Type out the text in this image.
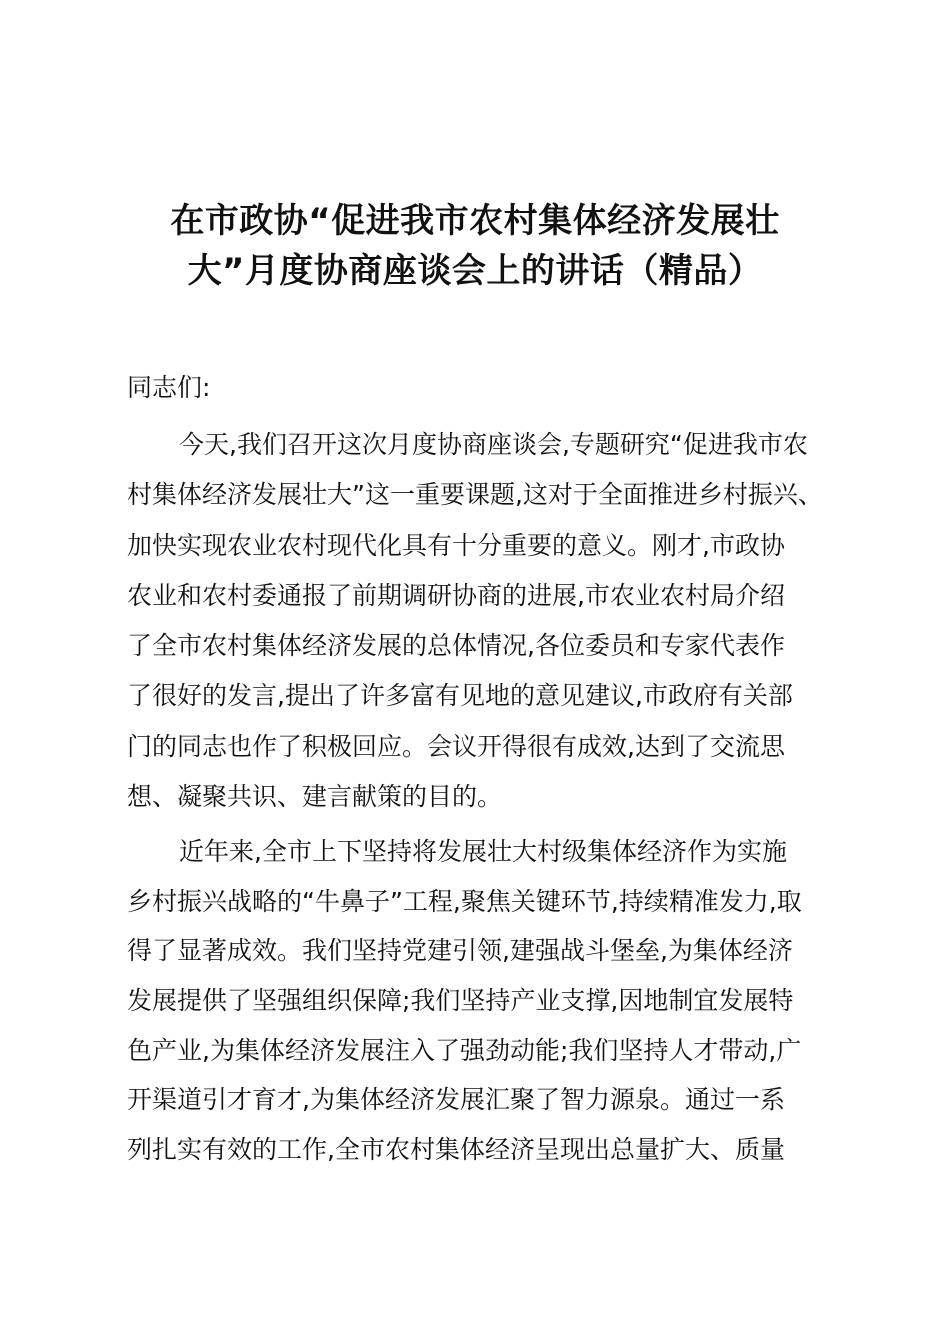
在市政协“促进我市农村集体经济发展壮
大”月度协商座谈会上的讲话（精品）
同志们:
今天,我们召开这次月度协商座谈会,专题研究“促进我市农
村集体经济发展壮大”这一重要课题,这对于全面推进乡村振兴、
加快实现农业农村现代化具有十分重要的意义。刚才,市政协
农业和农村委通报了前期调研协商的进展,市农业农村局介绍
了全市农村集体经济发展的总体情况,各位委员和专家代表作
了很好的发言,提出了许多富有见地的意见建议,市政府有关部
门的同志也作了积极回应。会议开得很有成效,达到了交流思
想、凝聚共识、建言献策的目的。
近年来,全市上下坚持将发展壮大村级集体经济作为实施
乡村振兴战略的“牛鼻子”工程,聚焦关键环节,持续精准发力,取
得了显著成效。我们坚持党建引领,建强战斗堡垒,为集体经济
发展提供了坚强组织保障;我们坚持产业支撑,因地制宜发展特
色产业,为集体经济发展注入了强劲动能;我们坚持人才带动,广
开渠道引才育才,为集体经济发展汇聚了智力源泉。通过一系
列扎实有效的工作,全市农村集体经济呈现出总量扩大、质量
